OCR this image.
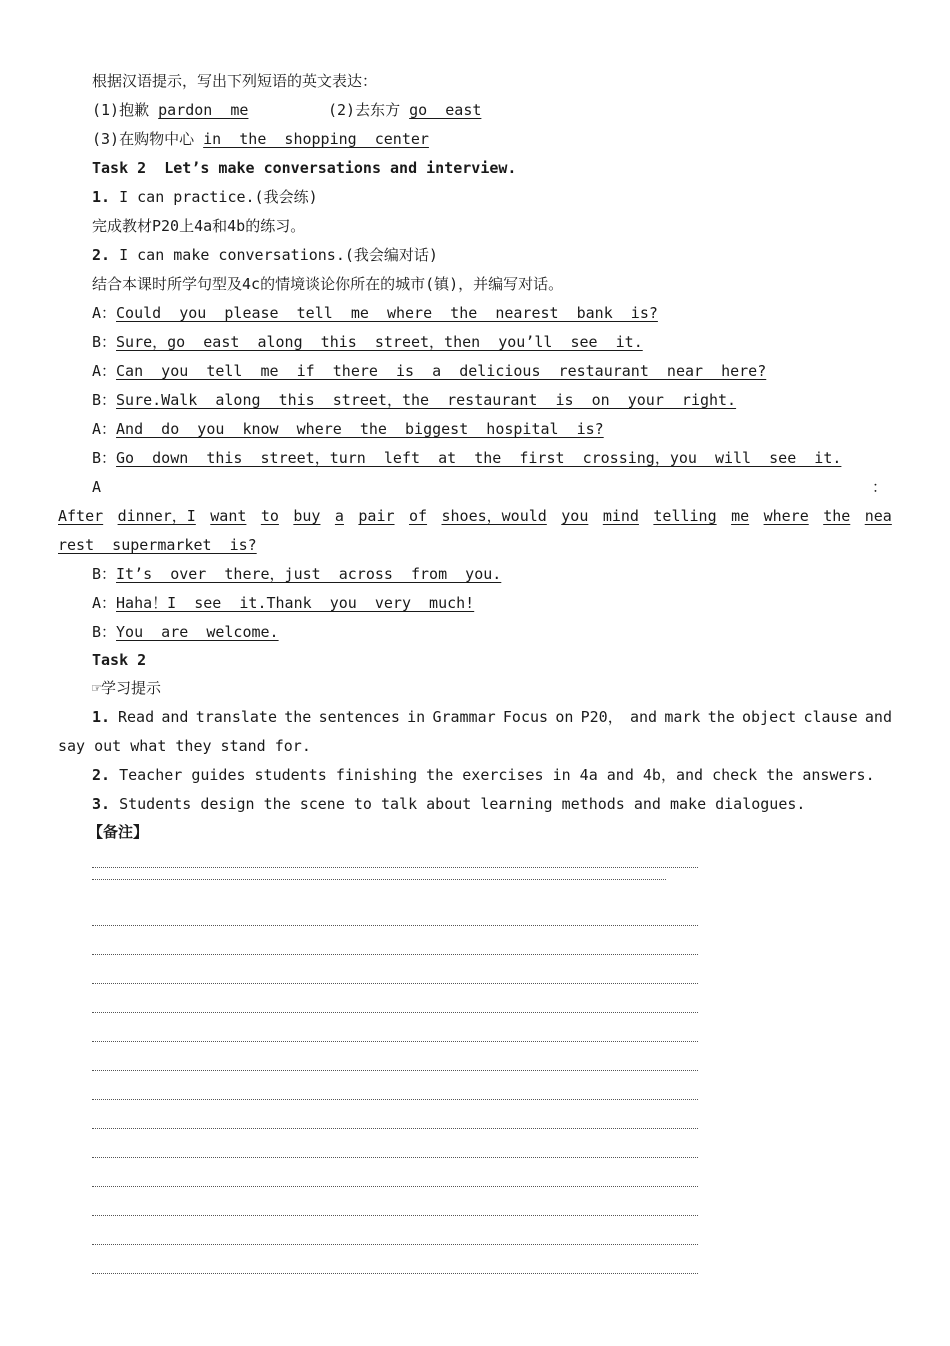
根据汉语提示，写出下列短语的英文表达：
(1)抱歉 pardon  me	(2)去东方 go  east
(3)在购物中心 in  the  shopping  center
Task 2  Let’s make conversations and interview.
1. I can practice.(我会练)
完成教材P20上4a和4b的练习。
2. I can make conversations.(我会编对话)
结合本课时所学句型及4c的情境谈论你所在的城市(镇)，并编写对话。
A：Could  you  please  tell  me  where  the  nearest  bank  is?
B：Sure，go  east  along  this  street，then  you’ll  see  it.
A：Can  you  tell  me  if  there  is  a  delicious  restaurant  near  here?
B：Sure.Walk  along  this  street，the  restaurant  is  on  your  right.
A：And  do  you  know  where  the  biggest  hospital  is?
B：Go  down  this  street，turn  left  at  the  first  crossing，you  will  see  it.
A	：
After dinner，I want to buy a pair of shoes，would you mind telling me where the nea
rest  supermarket  is?
B：It’s  over  there，just  across  from  you.
A：Haha！I  see  it.Thank  you  very  much!
B：You  are  welcome.
Task 2
☞学习提示
1. Read and translate the sentences in Grammar Focus on P20， and mark the object clause and
say out what they stand for.
2. Teacher guides students finishing the exercises in 4a and 4b，and check the answers.
3. Students design the scene to talk about learning methods and make dialogues.
【备注】
